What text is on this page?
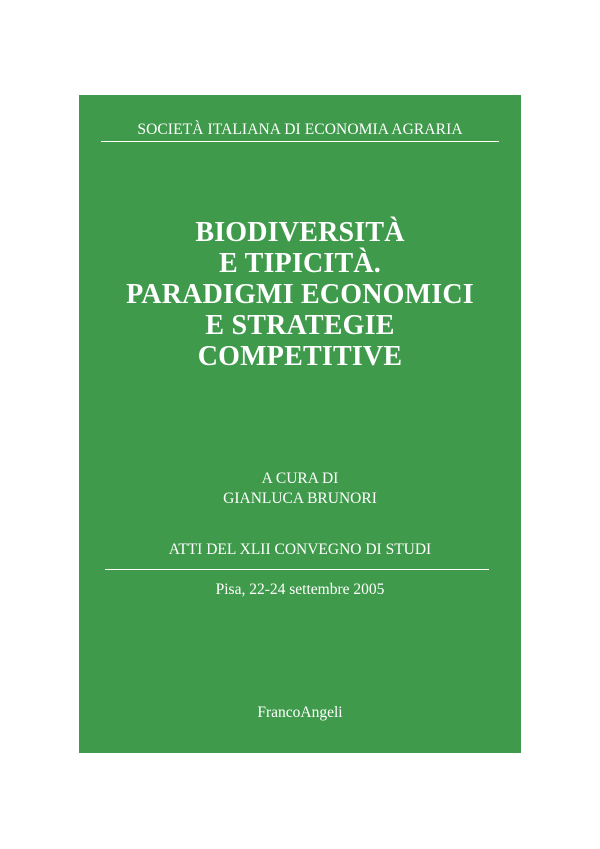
SOCIETÀ ITALIANA DI ECONOMIA AGRARIA

BIODIVERSITÀ
E TIPICITÀ.
PARADIGMI ECONOMICI
E STRATEGIE
COMPETITIVE
A CURA DI
GIANLUCA BRUNORI
ATTI DEL XLII CONVEGNO DI STUDI
Pisa, 22-24 settembre 2005
FrancoAngeli
